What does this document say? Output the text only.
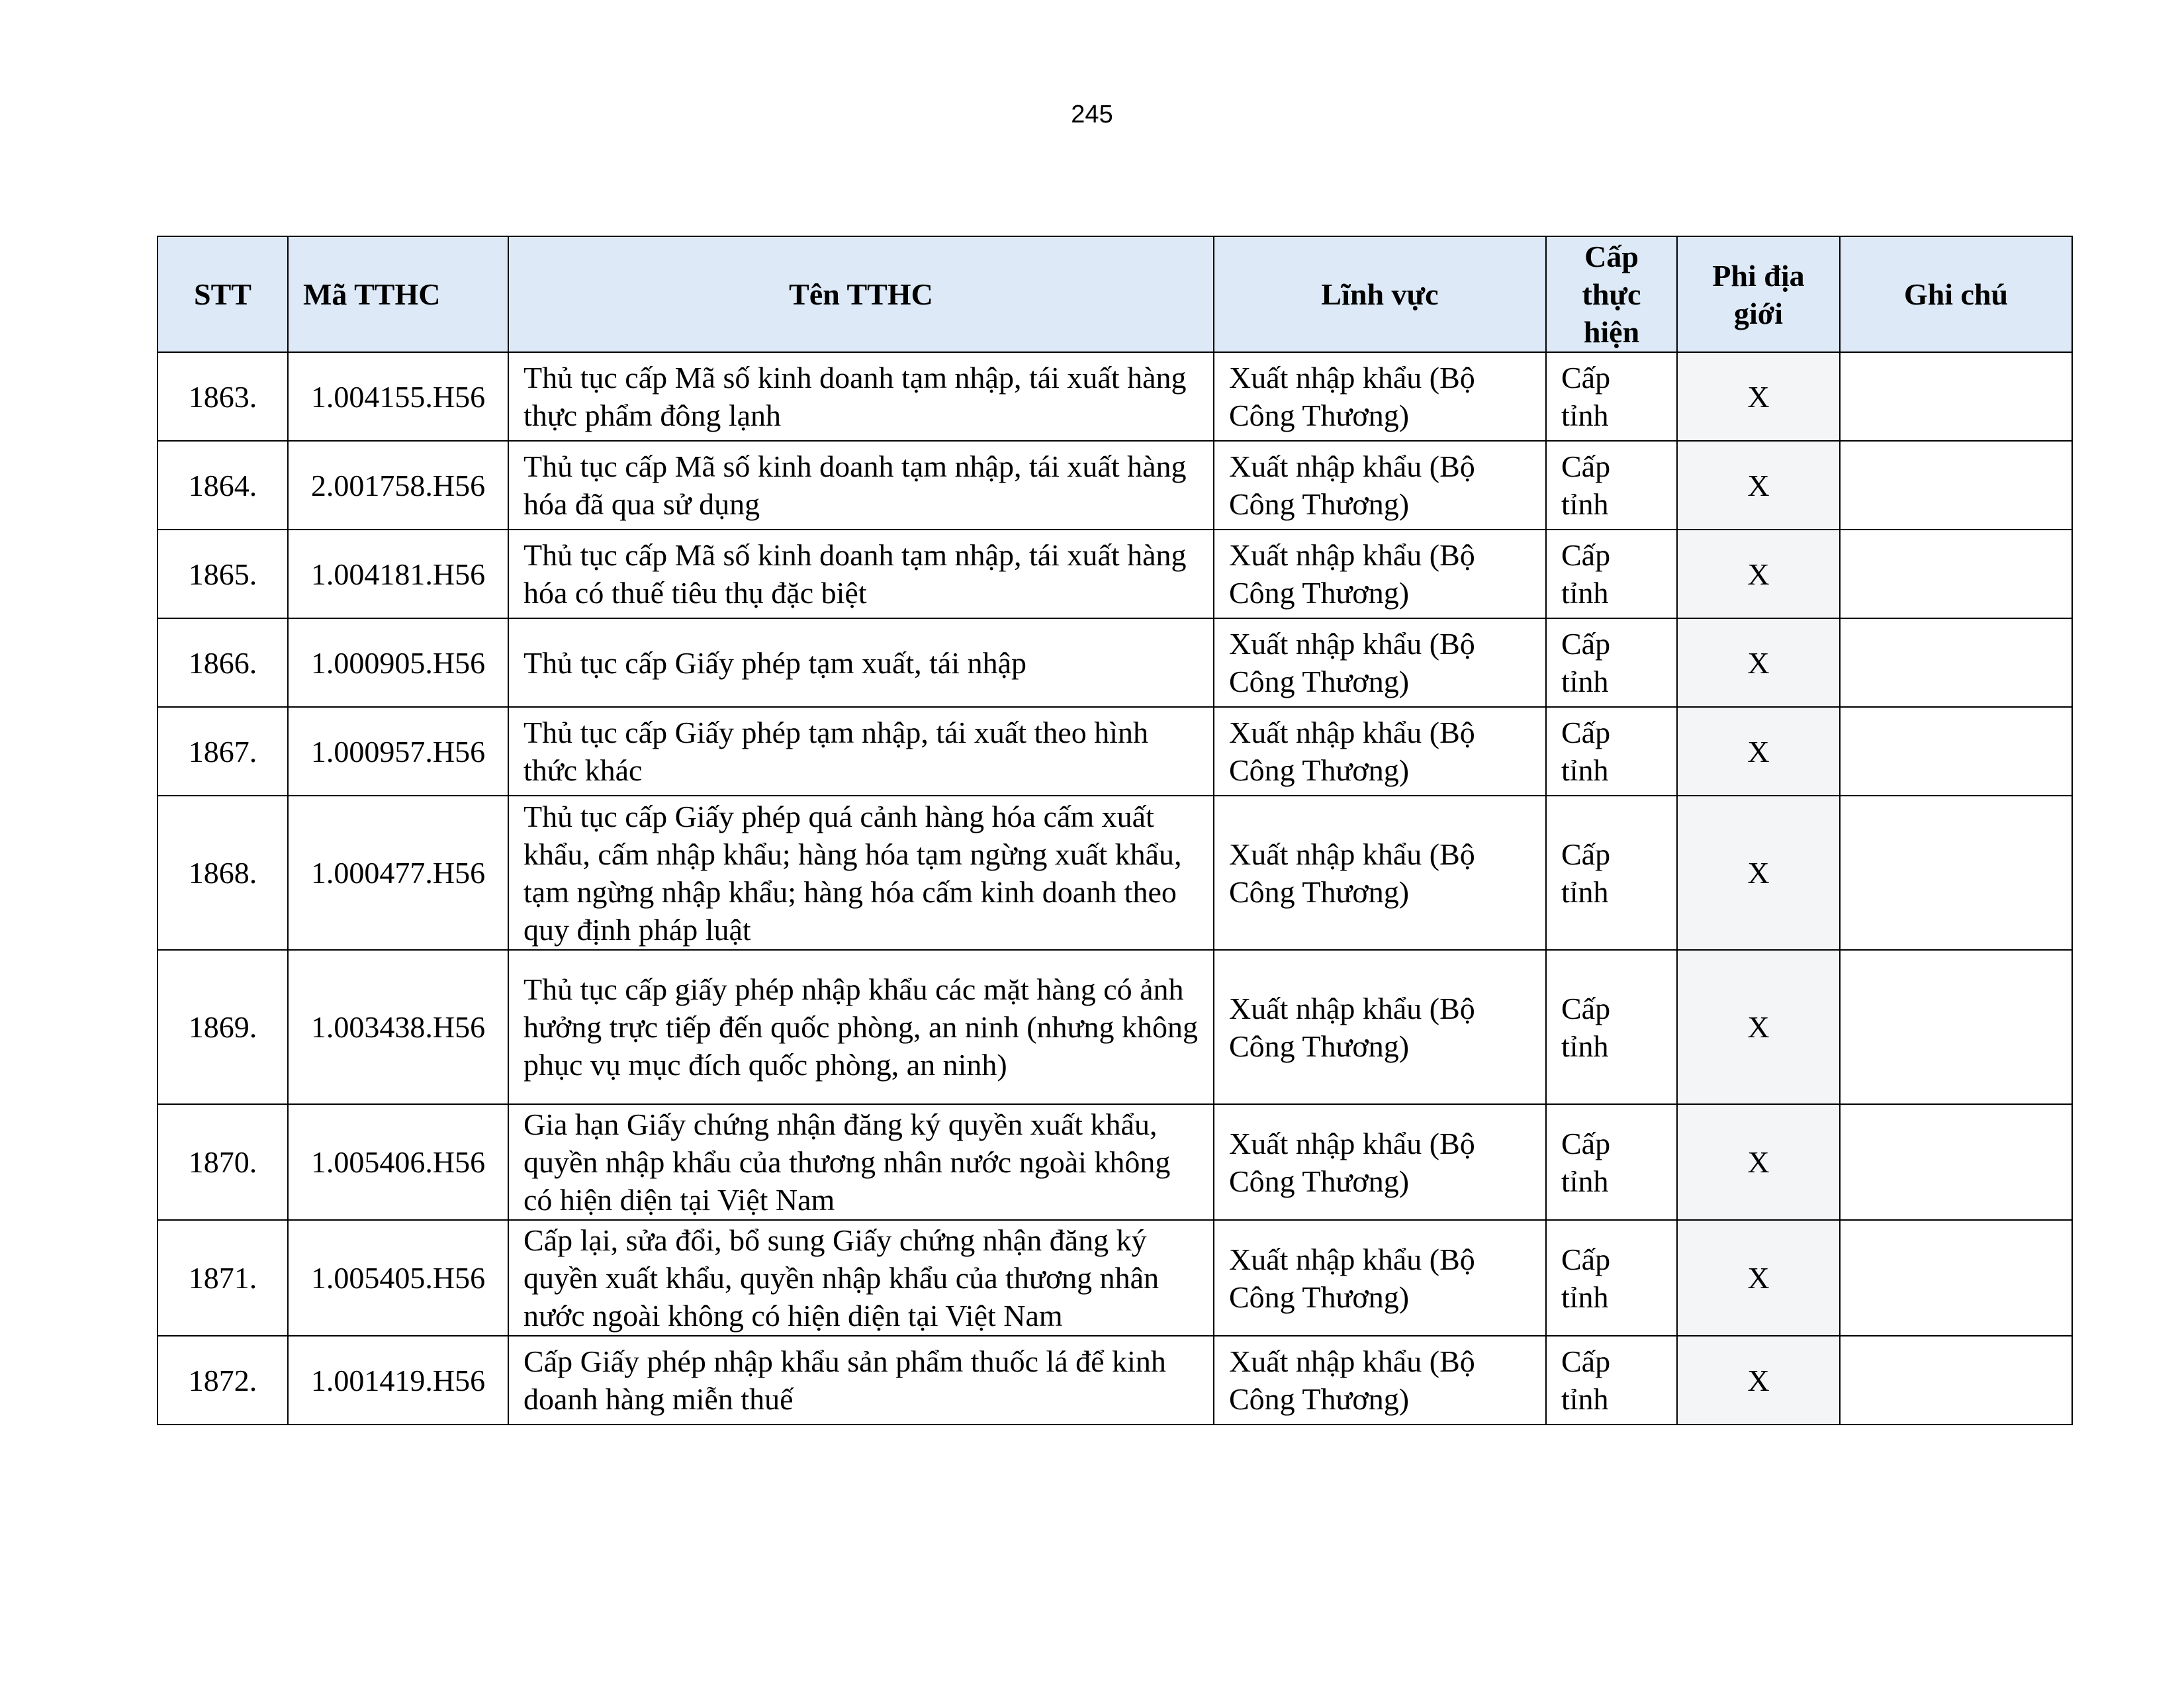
245
STT	Mã TTHC	Tên TTHC	Lĩnh vực	Cấp thực hiện	Phi địa giới	Ghi chú
1863.	1.004155.H56	Thủ tục cấp Mã số kinh doanh tạm nhập, tái xuất hàng thực phẩm đông lạnh	Xuất nhập khẩu (Bộ Công Thương)	Cấp tỉnh	X	
1864.	2.001758.H56	Thủ tục cấp Mã số kinh doanh tạm nhập, tái xuất hàng hóa đã qua sử dụng	Xuất nhập khẩu (Bộ Công Thương)	Cấp tỉnh	X	
1865.	1.004181.H56	Thủ tục cấp Mã số kinh doanh tạm nhập, tái xuất hàng hóa có thuế tiêu thụ đặc biệt	Xuất nhập khẩu (Bộ Công Thương)	Cấp tỉnh	X	
1866.	1.000905.H56	Thủ tục cấp Giấy phép tạm xuất, tái nhập	Xuất nhập khẩu (Bộ Công Thương)	Cấp tỉnh	X	
1867.	1.000957.H56	Thủ tục cấp Giấy phép tạm nhập, tái xuất theo hình thức khác	Xuất nhập khẩu (Bộ Công Thương)	Cấp tỉnh	X	
1868.	1.000477.H56	Thủ tục cấp Giấy phép quá cảnh hàng hóa cấm xuất khẩu, cấm nhập khẩu; hàng hóa tạm ngừng xuất khẩu, tạm ngừng nhập khẩu; hàng hóa cấm kinh doanh theo quy định pháp luật	Xuất nhập khẩu (Bộ Công Thương)	Cấp tỉnh	X	
1869.	1.003438.H56	Thủ tục cấp giấy phép nhập khẩu các mặt hàng có ảnh hưởng trực tiếp đến quốc phòng, an ninh (nhưng không phục vụ mục đích quốc phòng, an ninh)	Xuất nhập khẩu (Bộ Công Thương)	Cấp tỉnh	X	
1870.	1.005406.H56	Gia hạn Giấy chứng nhận đăng ký quyền xuất khẩu, quyền nhập khẩu của thương nhân nước ngoài không có hiện diện tại Việt Nam	Xuất nhập khẩu (Bộ Công Thương)	Cấp tỉnh	X	
1871.	1.005405.H56	Cấp lại, sửa đổi, bổ sung Giấy chứng nhận đăng ký quyền xuất khẩu, quyền nhập khẩu của thương nhân nước ngoài không có hiện diện tại Việt Nam	Xuất nhập khẩu (Bộ Công Thương)	Cấp tỉnh	X	
1872.	1.001419.H56	Cấp Giấy phép nhập khẩu sản phẩm thuốc lá để kinh doanh hàng miễn thuế	Xuất nhập khẩu (Bộ Công Thương)	Cấp tỉnh	X	
